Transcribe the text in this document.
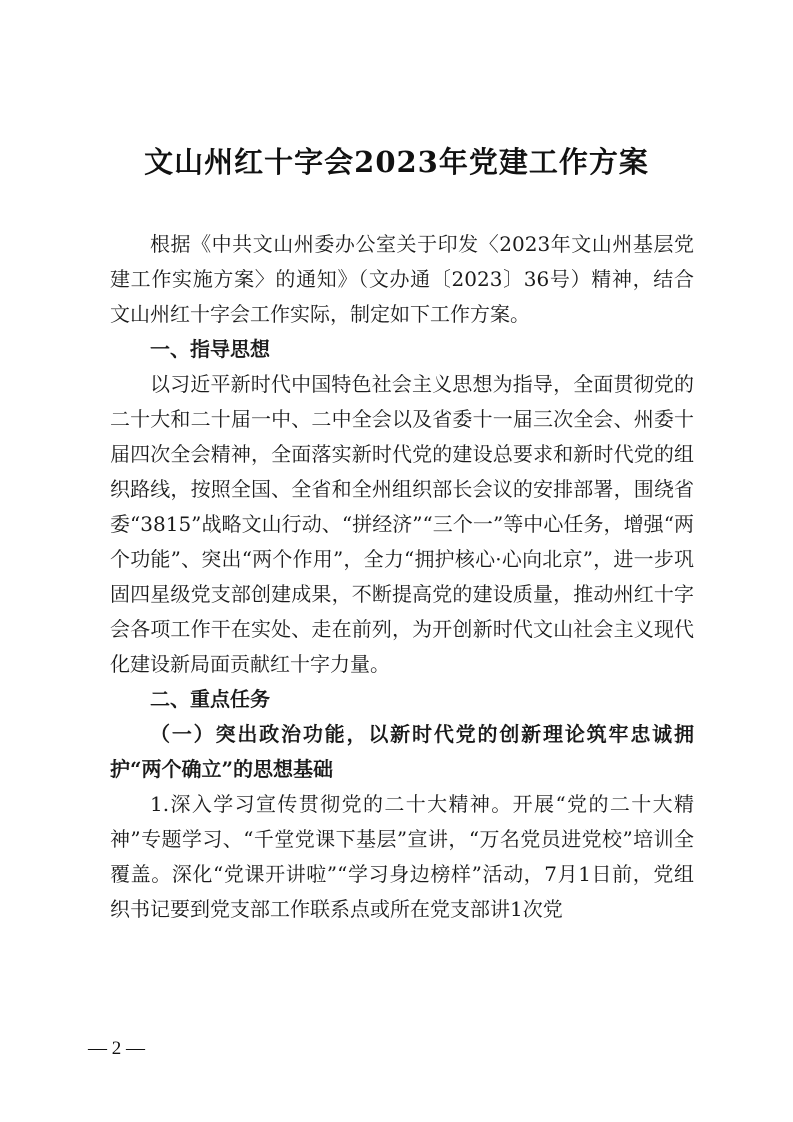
文山州红十字会2023年党建工作方案

根据《中共文山州委办公室关于印发〈2023年文山州基层党建工作实施方案〉的通知》（文办通〔2023〕36号）精神，结合文山州红十字会工作实际，制定如下工作方案。

一、指导思想

以习近平新时代中国特色社会主义思想为指导，全面贯彻党的二十大和二十届一中、二中全会以及省委十一届三次全会、州委十届四次全会精神，全面落实新时代党的建设总要求和新时代党的组织路线，按照全国、全省和全州组织部长会议的安排部署，围绕省委“3815”战略文山行动、“拼经济”“三个一”等中心任务，增强“两个功能”、突出“两个作用”，全力“拥护核心·心向北京”，进一步巩固四星级党支部创建成果，不断提高党的建设质量，推动州红十字会各项工作干在实处、走在前列，为开创新时代文山社会主义现代化建设新局面贡献红十字力量。

二、重点任务
（一）突出政治功能，以新时代党的创新理论筑牢忠诚拥护“两个确立”的思想基础

1.深入学习宣传贯彻党的二十大精神。开展“党的二十大精神”专题学习、“千堂党课下基层”宣讲，“万名党员进党校”培训全覆盖。深化“党课开讲啦”“学习身边榜样”活动，7月1日前，党组织书记要到党支部工作联系点或所在党支部讲1次党

— 2 —
